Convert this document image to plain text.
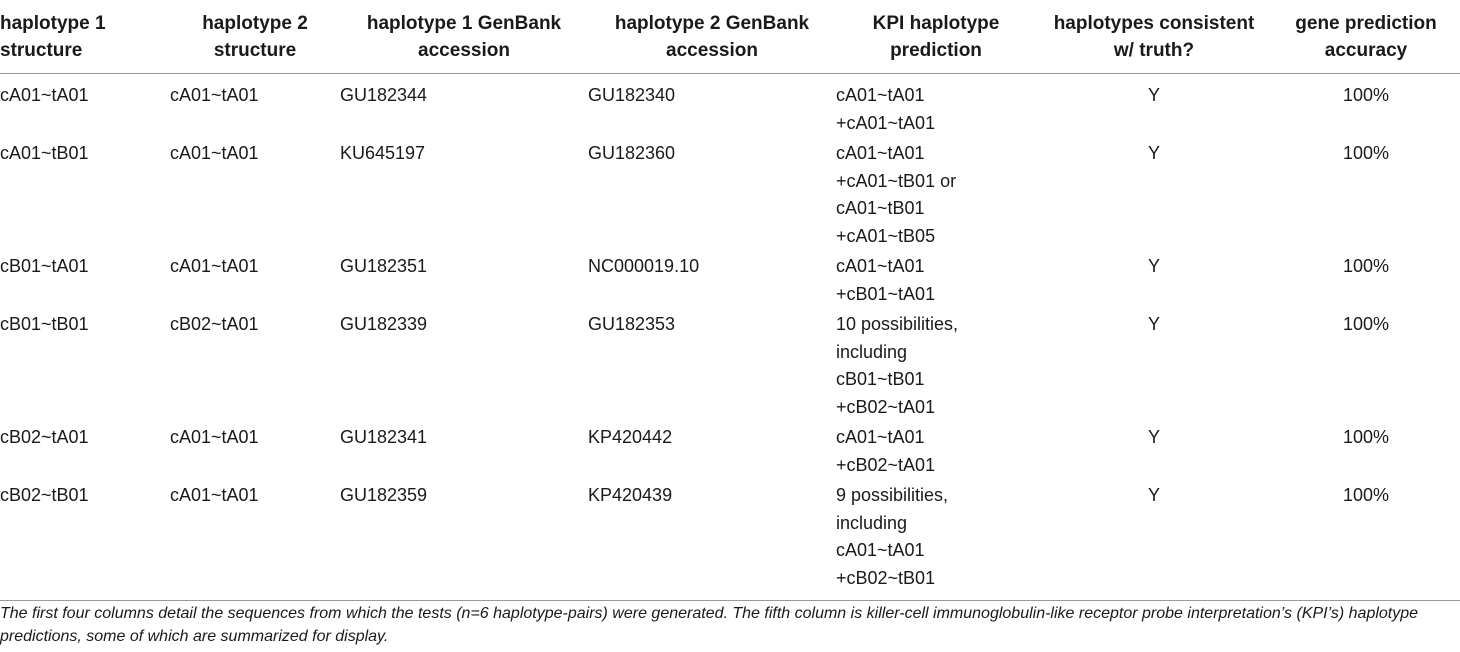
haplotype 1
structure	haplotype 2
structure	haplotype 1 GenBank
accession	haplotype 2 GenBank
accession	KPI haplotype
prediction	haplotypes consistent
w/ truth?	gene prediction
accuracy

cA01~tA01	cA01~tA01	GU182344	GU182340	cA01~tA01
+cA01~tA01	Y	100%
cA01~tB01	cA01~tA01	KU645197	GU182360	cA01~tA01
+cA01~tB01 or
cA01~tB01
+cA01~tB05	Y	100%
cB01~tA01	cA01~tA01	GU182351	NC000019.10	cA01~tA01
+cB01~tA01	Y	100%
cB01~tB01	cB02~tA01	GU182339	GU182353	10 possibilities,
including
cB01~tB01
+cB02~tA01	Y	100%
cB02~tA01	cA01~tA01	GU182341	KP420442	cA01~tA01
+cB02~tA01	Y	100%
cB02~tB01	cA01~tA01	GU182359	KP420439	9 possibilities,
including
cA01~tA01
+cB02~tB01	Y	100%
The first four columns detail the sequences from which the tests (n=6 haplotype-pairs) were generated. The fifth column is killer-cell immunoglobulin-like receptor probe interpretation’s (KPI’s) haplotype predictions, some of which are summarized for display.
